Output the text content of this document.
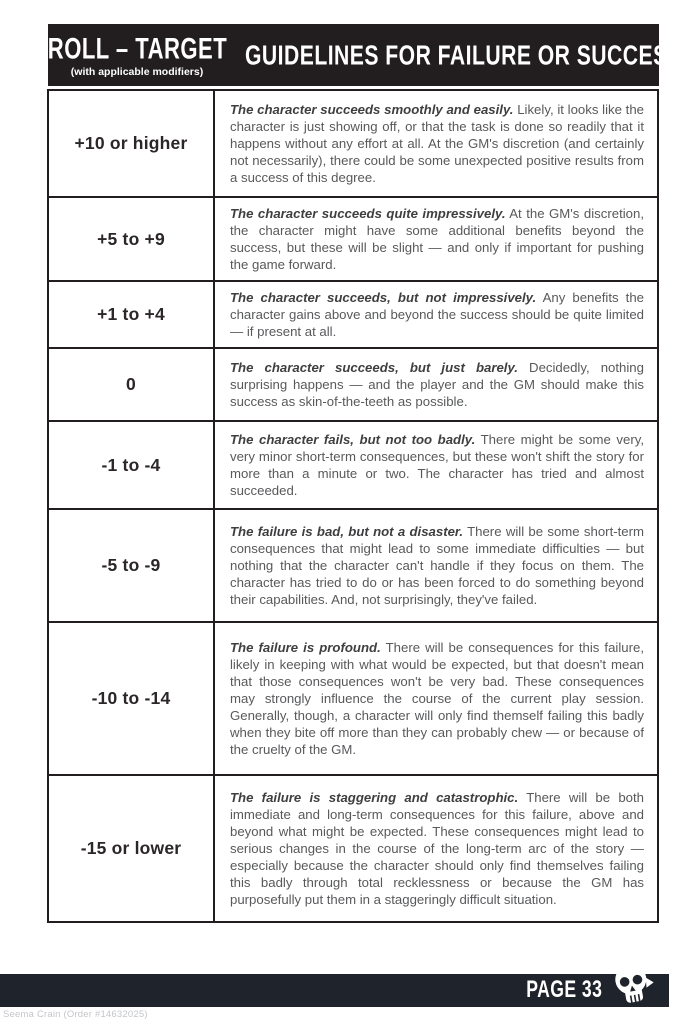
ROLL – TARGET
(with applicable modifiers)
GUIDELINES FOR FAILURE OR SUCCESS
+10 or higher

The character succeeds smoothly and easily. Likely, it looks like the character is just showing off, or that the task is done so readily that it happens without any effort at all. At the GM's discretion (and certainly not necessarily), there could be some unexpected positive results from a success of this degree.

+5 to +9

The character succeeds quite impressively. At the GM's discretion, the character might have some additional benefits beyond the success, but these will be slight — and only if important for pushing the game forward.

+1 to +4

The character succeeds, but not impressively. Any benefits the character gains above and beyond the success should be quite limited — if present at all.

0

The character succeeds, but just barely. Decidedly, nothing surprising happens — and the player and the GM should make this success as skin-of-the-teeth as possible.

-1 to -4

The character fails, but not too badly. There might be some very, very minor short-term consequences, but these won't shift the story for more than a minute or two. The character has tried and almost succeeded.

-5 to -9

The failure is bad, but not a disaster. There will be some short-term consequences that might lead to some immediate difficulties — but nothing that the character can't handle if they focus on them. The character has tried to do or has been forced to do something beyond their capabilities. And, not surprisingly, they've failed.

-10 to -14

The failure is profound. There will be consequences for this failure, likely in keeping with what would be expected, but that doesn't mean that those consequences won't be very bad. These consequences may strongly influence the course of the current play session. Generally, though, a character will only find themself failing this badly when they bite off more than they can probably chew — or because of the cruelty of the GM.

-15 or lower

The failure is staggering and catastrophic. There will be both immediate and long-term consequences for this failure, above and beyond what might be expected. These consequences might lead to serious changes in the course of the long-term arc of the story — especially because the character should only find themselves failing this badly through total recklessness or because the GM has purposefully put them in a staggeringly difficult situation.

PAGE 33
Seema Crain (Order #14632025)
